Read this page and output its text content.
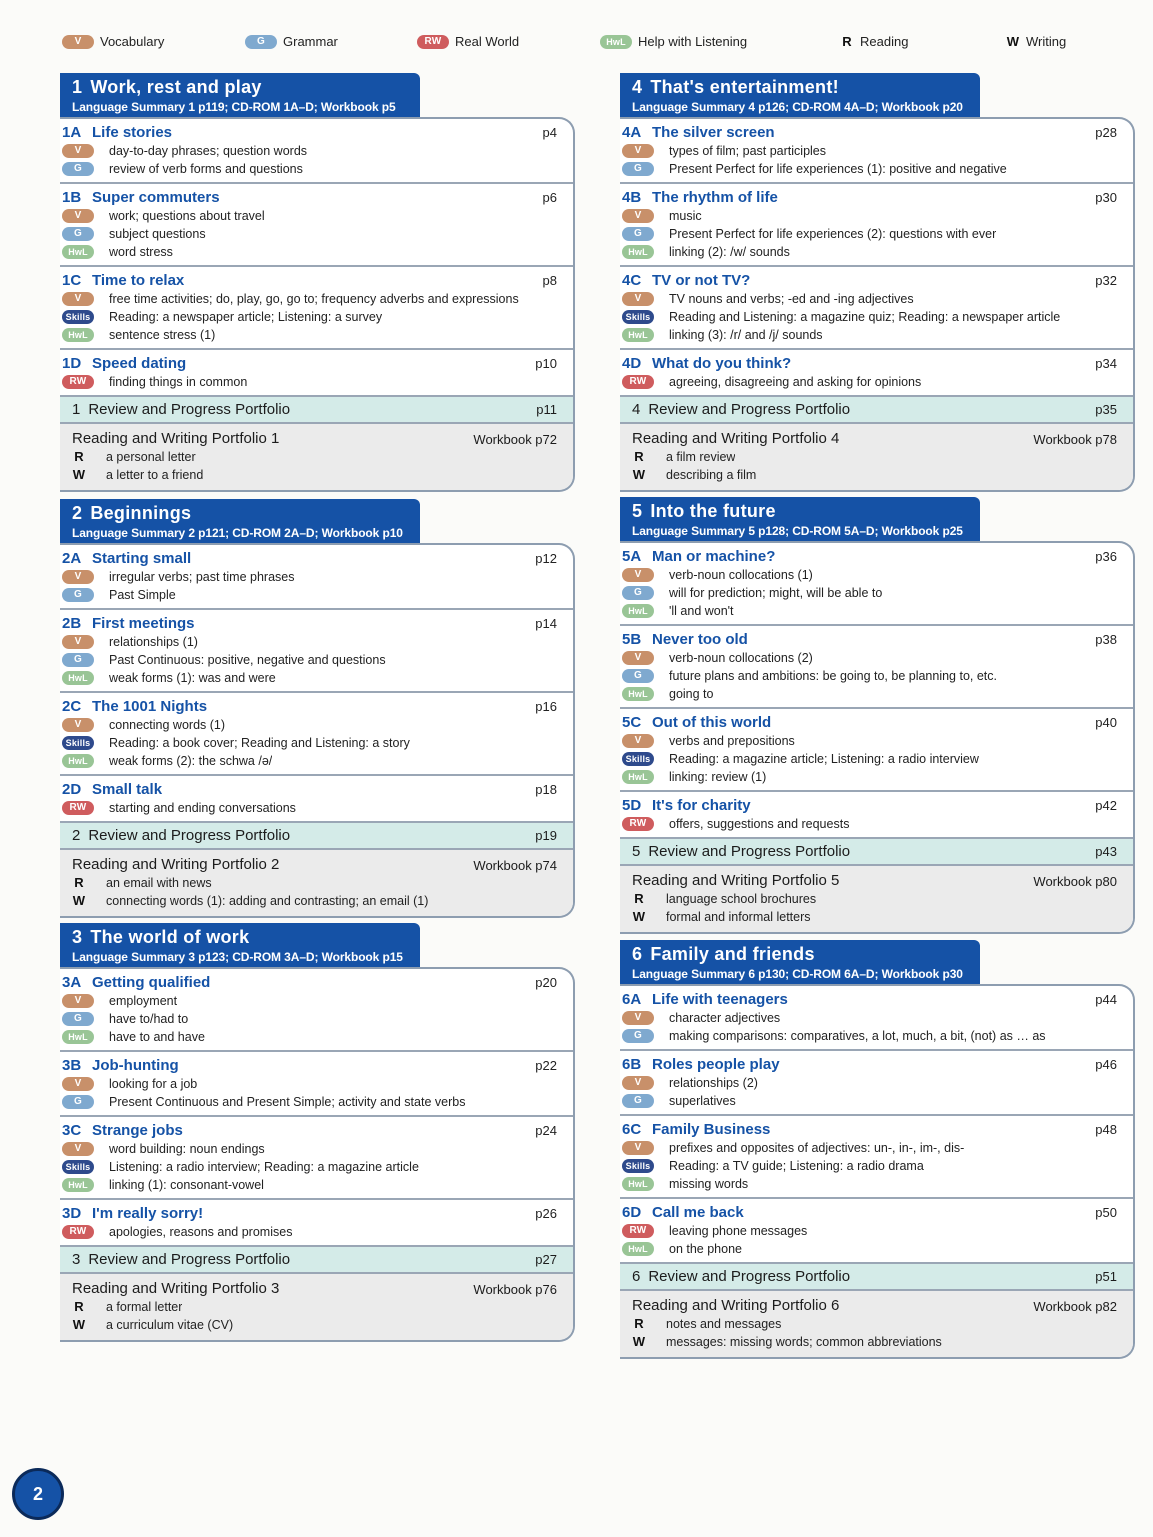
V	Vocabulary	G	Grammar	RW	Real World	HwL Help with Listening	R Reading	W Writing
1 Work, rest and play
Language Summary 1 p119; CD-ROM 1A–D; Workbook p5
1A Life stories	p4
V	day-to-day phrases; question words
G	review of verb forms and questions
1B Super commuters	p6
V	work; questions about travel
G	subject questions
HwL	word stress
1C Time to relax	p8
V	free time activities; do, play, go, go to; frequency adverbs and expressions
Skills Reading: a newspaper article; Listening: a survey
HwL	sentence stress (1)
1D Speed dating	p10
RW	finding things in common
1 Review and Progress Portfolio	p11
Reading and Writing Portfolio 1	Workbook p72
R a personal letter
W a letter to a friend
2 Beginnings
Language Summary 2 p121; CD-ROM 2A–D; Workbook p10
2A Starting small	p12
V	irregular verbs; past time phrases
G	Past Simple
2B First meetings	p14
V	relationships (1)
G	Past Continuous: positive, negative and questions
HwL	weak forms (1): was and were
2C The 1001 Nights	p16
V	connecting words (1)
Skills Reading: a book cover; Reading and Listening: a story
HwL	weak forms (2): the schwa /ə/
2D Small talk	p18
RW	starting and ending conversations
2 Review and Progress Portfolio	p19
Reading and Writing Portfolio 2	Workbook p74
R an email with news
W connecting words (1): adding and contrasting; an email (1)
3 The world of work
Language Summary 3 p123; CD-ROM 3A–D; Workbook p15
3A Getting qualified	p20
V	employment
G	have to/had to
HwL	have to and have
3B Job-hunting	p22
V	looking for a job
G	Present Continuous and Present Simple; activity and state verbs
3C Strange jobs	p24
V	word building: noun endings
Skills Listening: a radio interview; Reading: a magazine article
HwL	linking (1): consonant-vowel
3D I'm really sorry!	p26
RW	apologies, reasons and promises
3 Review and Progress Portfolio	p27
Reading and Writing Portfolio 3	Workbook p76
R a formal letter
W a curriculum vitae (CV)
4 That's entertainment!
Language Summary 4 p126; CD-ROM 4A–D; Workbook p20
4A The silver screen	p28
V	types of film; past participles
G	Present Perfect for life experiences (1): positive and negative
4B The rhythm of life	p30
V	music
G	Present Perfect for life experiences (2): questions with ever
HwL	linking (2): /w/ sounds
4C TV or not TV?	p32
V	TV nouns and verbs; -ed and -ing adjectives
Skills Reading and Listening: a magazine quiz; Reading: a newspaper article
HwL	linking (3): /r/ and /j/ sounds
4D What do you think?	p34
RW	agreeing, disagreeing and asking for opinions
4 Review and Progress Portfolio	p35
Reading and Writing Portfolio 4	Workbook p78
R a film review
W describing a film
5 Into the future
Language Summary 5 p128; CD-ROM 5A–D; Workbook p25
5A Man or machine?	p36
V	verb-noun collocations (1)
G	will for prediction; might, will be able to
HwL	'll and won't
5B Never too old	p38
V	verb-noun collocations (2)
G	future plans and ambitions: be going to, be planning to, etc.
HwL	going to
5C Out of this world	p40
V	verbs and prepositions
Skills Reading: a magazine article; Listening: a radio interview
HwL	linking: review (1)
5D It's for charity	p42
RW	offers, suggestions and requests
5 Review and Progress Portfolio	p43
Reading and Writing Portfolio 5	Workbook p80
R language school brochures
W formal and informal letters
6 Family and friends
Language Summary 6 p130; CD-ROM 6A–D; Workbook p30
6A Life with teenagers	p44
V	character adjectives
G	making comparisons: comparatives, a lot, much, a bit, (not) as … as
6B Roles people play	p46
V	relationships (2)
G	superlatives
6C Family Business	p48
V	prefixes and opposites of adjectives: un-, in-, im-, dis-
Skills Reading: a TV guide; Listening: a radio drama
HwL	missing words
6D Call me back	p50
RW	leaving phone messages
HwL	on the phone
6 Review and Progress Portfolio	p51
Reading and Writing Portfolio 6	Workbook p82
R notes and messages
W messages: missing words; common abbreviations
2
